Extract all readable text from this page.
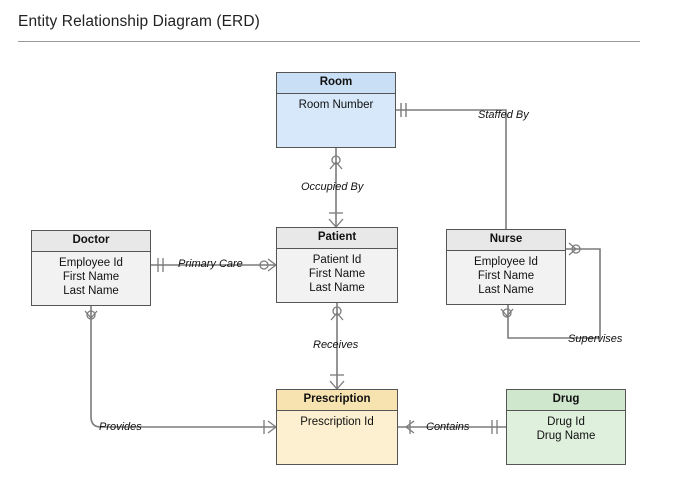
Entity Relationship Diagram (ERD)
Room
Room Number
Doctor
Employee Id
First Name
Last Name
Patient
Patient Id
First Name
Last Name
Nurse
Employee Id
First Name
Last Name
Prescription
Prescription Id
Drug
Drug Id
Drug Name
Staffed By
Occupied By
Primary Care
Supervises
Receives
Provides	Contains
